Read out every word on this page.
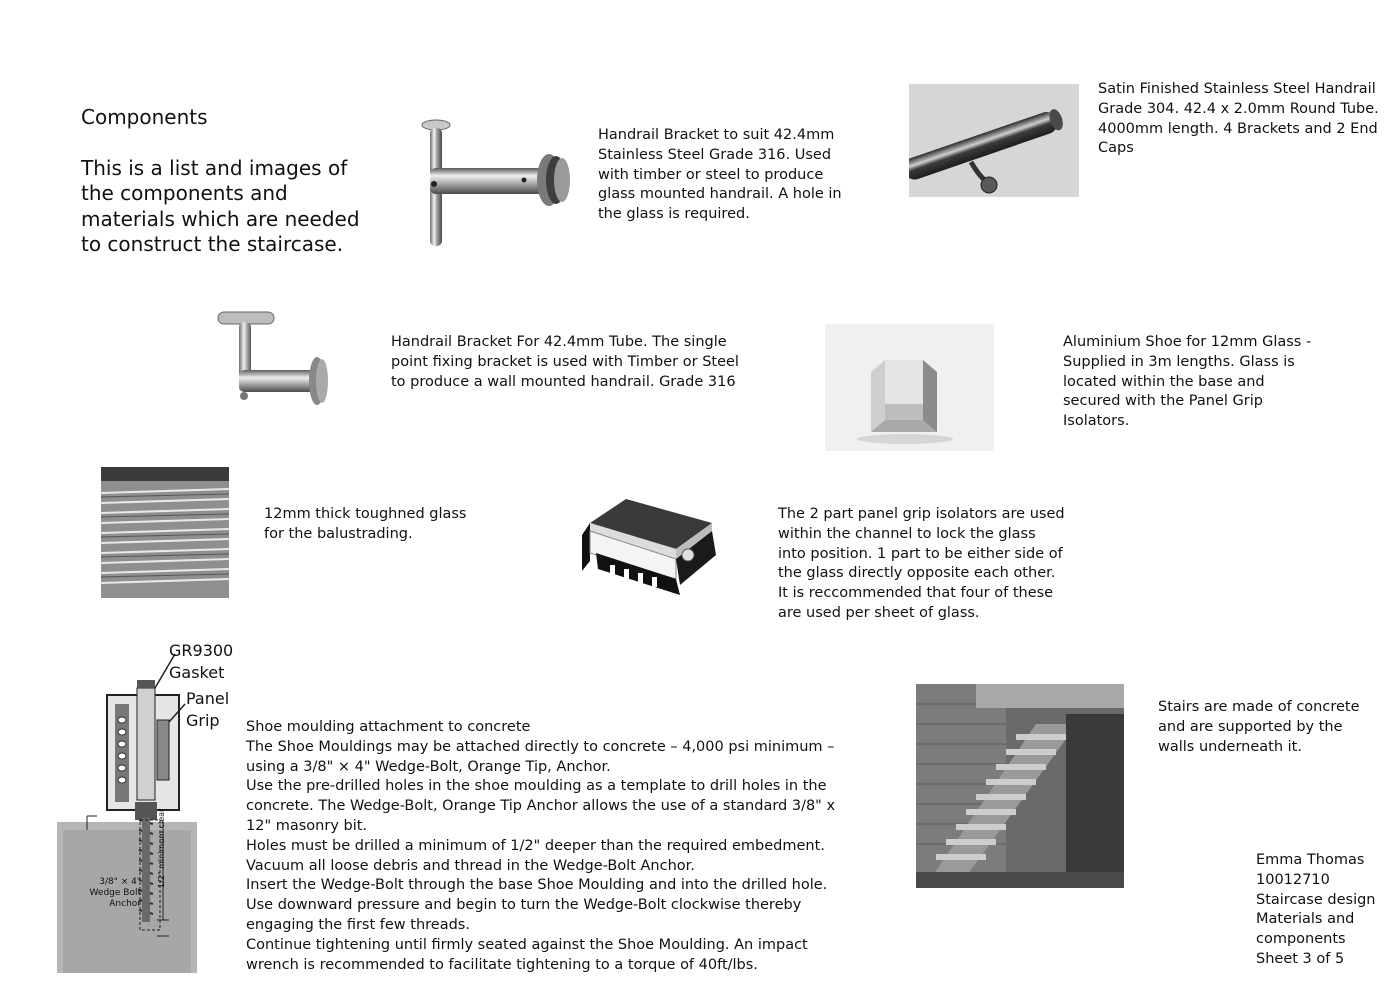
Components

This is a list and images of the components and materials which are needed to construct the staircase.

Handrail Bracket to suit 42.4mm
Stainless Steel Grade 316. Used
with timber or steel to produce
glass mounted handrail. A hole in
the glass is required.
Satin Finished Stainless Steel Handrail
Grade 304. 42.4 x 2.0mm Round Tube.
4000mm length. 4 Brackets and 2 End
Caps
Handrail Bracket For 42.4mm Tube. The single
point fixing bracket is used with Timber or Steel
to produce a wall mounted handrail. Grade 316
Aluminium Shoe for 12mm Glass -
Supplied in 3m lengths. Glass is
located within the base and
secured with the Panel Grip
Isolators.
12mm thick toughned glass
for the balustrading.
The 2 part panel grip isolators are used
within the channel to lock the glass
into position. 1 part to be either side of
the glass directly opposite each other.
It is reccommended that four of these
are used per sheet of glass.
GR9300
Gasket
Panel
Grip
3/8" × 4"
Wedge Bolt
Anchor
1/2" minimum clear
Shoe moulding attachment to concrete
The Shoe Mouldings may be attached directly to concrete – 4,000 psi minimum –
using a 3/8" × 4" Wedge-Bolt, Orange Tip, Anchor.
Use the pre-drilled holes in the shoe moulding as a template to drill holes in the
concrete. The Wedge-Bolt, Orange Tip Anchor allows the use of a standard 3/8" x
12" masonry bit.
Holes must be drilled a minimum of 1/2" deeper than the required embedment.
Vacuum all loose debris and thread in the Wedge-Bolt Anchor.
Insert the Wedge-Bolt through the base Shoe Moulding and into the drilled hole.
Use downward pressure and begin to turn the Wedge-Bolt clockwise thereby
engaging the first few threads.
Continue tightening until firmly seated against the Shoe Moulding. An impact
wrench is recommended to facilitate tightening to a torque of 40ft/lbs.
Stairs are made of concrete
and are supported by the
walls underneath it.
Emma Thomas
10012710
Staircase design
Materials and
components
Sheet 3 of 5
